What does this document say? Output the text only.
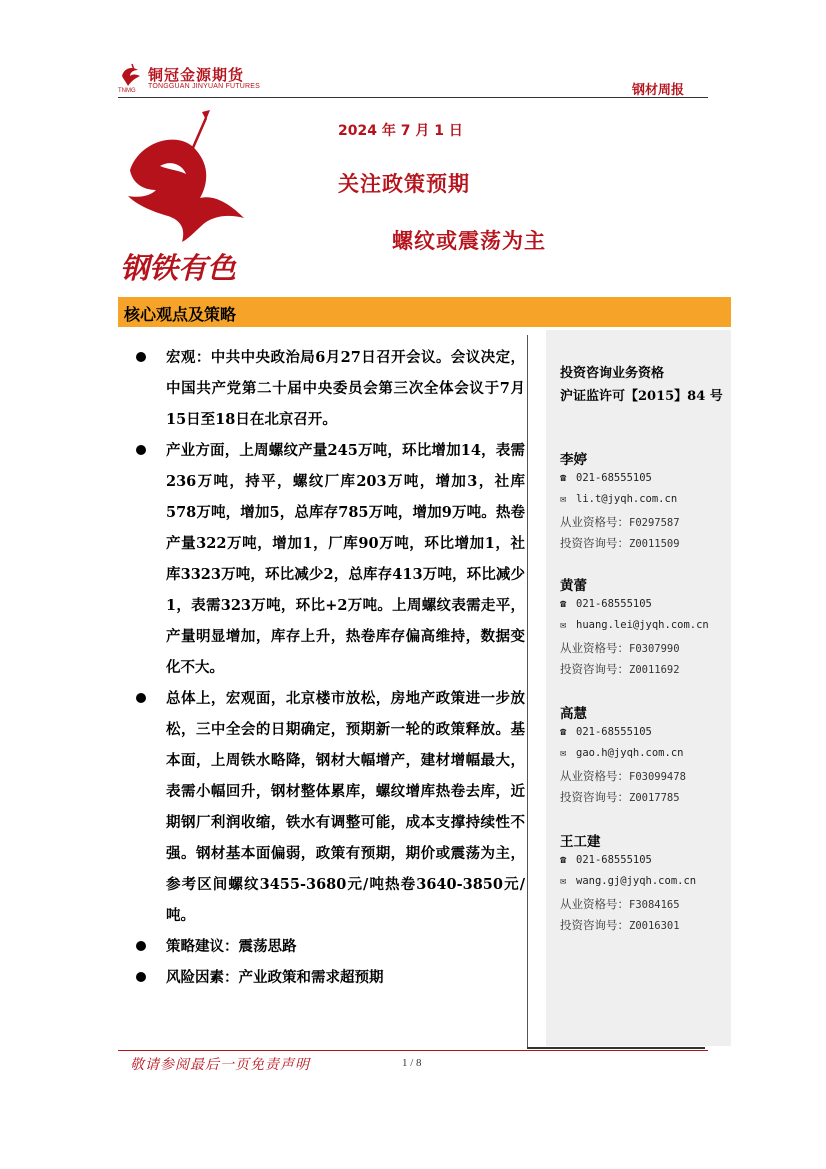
铜冠金源期货
TONGGUAN JINYUAN FUTURES
TNMG	钢材周报
钢铁有色
2024 年 7 月 1 日
关注政策预期
螺纹或震荡为主
核心观点及策略
宏观：中共中央政治局6月27日召开会议。会议决定，中国共产党第二十届中央委员会第三次全体会议于7月15日至18日在北京召开。
产业方面，上周螺纹产量245万吨，环比增加14，表需236万吨，持平，螺纹厂库203万吨，增加3，社库578万吨，增加5，总库存785万吨，增加9万吨。热卷产量322万吨，增加1，厂库90万吨，环比增加1，社库3323万吨，环比减少2，总库存413万吨，环比减少1，表需323万吨，环比+2万吨。上周螺纹表需走平，产量明显增加，库存上升，热卷库存偏高维持，数据变化不大。
总体上，宏观面，北京楼市放松，房地产政策进一步放松，三中全会的日期确定，预期新一轮的政策释放。基本面，上周铁水略降，钢材大幅增产，建材增幅最大，表需小幅回升，钢材整体累库，螺纹增库热卷去库，近期钢厂利润收缩，铁水有调整可能，成本支撑持续性不强。钢材基本面偏弱，政策有预期，期价或震荡为主，参考区间螺纹3455-3680元/吨热卷3640-3850元/吨。
策略建议：震荡思路
风险因素：产业政策和需求超预期
投资咨询业务资格
沪证监许可【2015】84 号
李婷
☎ 021-68555105
✉ li.t@jyqh.com.cn
从业资格号：F0297587
投资咨询号：Z0011509
黄蕾
☎ 021-68555105
✉ huang.lei@jyqh.com.cn
从业资格号：F0307990
投资咨询号：Z0011692
高慧
☎ 021-68555105
✉ gao.h@jyqh.com.cn
从业资格号：F03099478
投资咨询号：Z0017785
王工建
☎ 021-68555105
✉ wang.gj@jyqh.com.cn
从业资格号：F3084165
投资咨询号：Z0016301
敬请参阅最后一页免责声明	1 / 8
